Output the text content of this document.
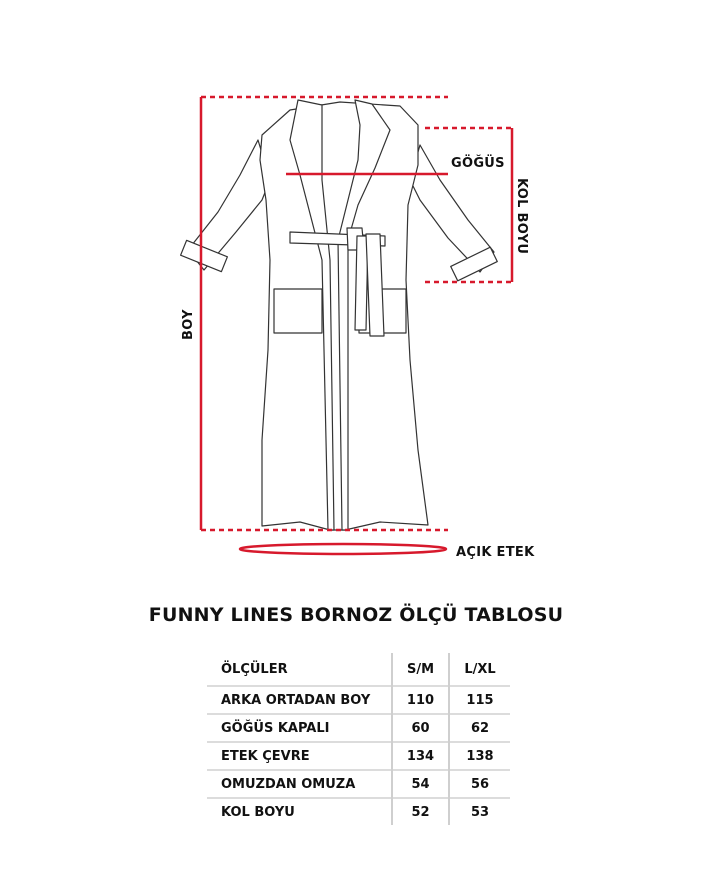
GÖĞÜS
KOL BOYU
BOY
AÇIK ETEK
FUNNY LINES BORNOZ ÖLÇÜ TABLOSU
ÖLÇÜLER	S/M	L/XL
ARKA ORTADAN BOY	110	115
GÖĞÜS KAPALI	60	62
ETEK ÇEVRE	134	138
OMUZDAN OMUZA	54	56
KOL BOYU	52	53
